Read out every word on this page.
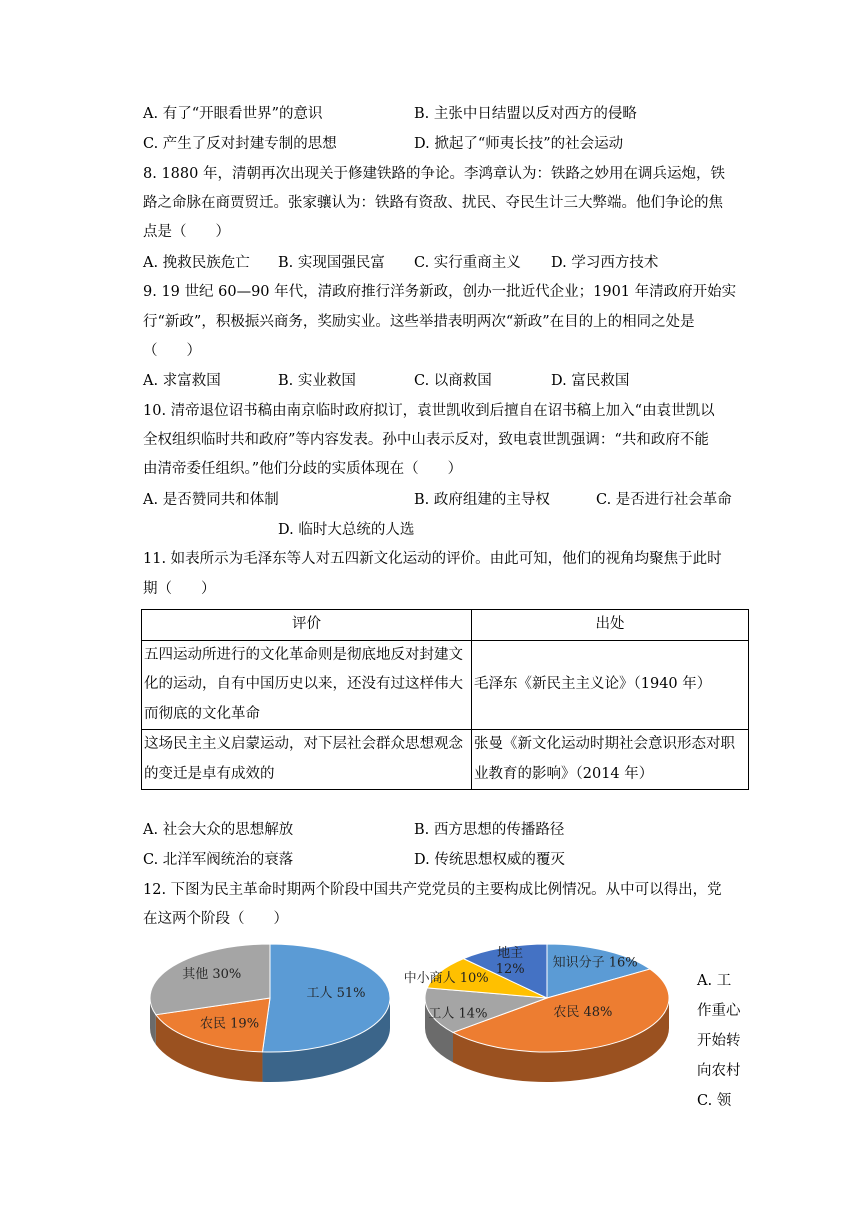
A. 有了“开眼看世界”的意识	B. 主张中日结盟以反对西方的侵略
C. 产生了反对封建专制的思想	D. 掀起了“师夷长技”的社会运动
8. 1880 年，清朝再次出现关于修建铁路的争论。李鸿章认为：铁路之妙用在调兵运炮，铁
路之命脉在商贾贸迁。张家骧认为：铁路有资敌、扰民、夺民生计三大弊端。他们争论的焦
点是（　　）
A. 挽救民族危亡 B. 实现国强民富 C. 实行重商主义 D. 学习西方技术
9. 19 世纪 60—90 年代，清政府推行洋务新政，创办一批近代企业；1901 年清政府开始实
行“新政”，积极振兴商务，奖励实业。这些举措表明两次“新政”在目的上的相同之处是
（　　）
A. 求富救国	B. 实业救国	C. 以商救国	D. 富民救国
10. 清帝退位诏书稿由南京临时政府拟订，袁世凯收到后擅自在诏书稿上加入“由袁世凯以
全权组织临时共和政府”等内容发表。孙中山表示反对，致电袁世凯强调：“共和政府不能
由清帝委任组织。”他们分歧的实质体现在（　　）
A. 是否赞同共和体制	B. 政府组建的主导权	C. 是否进行社会革命
D. 临时大总统的人选
11. 如表所示为毛泽东等人对五四新文化运动的评价。由此可知，他们的视角均聚焦于此时
期（　　）
评价	出处
五四运动所进行的文化革命则是彻底地反对封建文化的运动，自有中国历史以来，还没有过这样伟大而彻底的文化革命	毛泽东《新民主主义论》（1940 年）
这场民主主义启蒙运动，对下层社会群众思想观念的变迁是卓有成效的	张曼《新文化运动时期社会意识形态对职业教育的影响》（2014 年）
A. 社会大众的思想解放	B. 西方思想的传播路径
C. 北洋军阀统治的衰落	D. 传统思想权威的覆灭
12. 下图为民主革命时期两个阶段中国共产党党员的主要构成比例情况。从中可以得出，党
在这两个阶段（　　）
工人 51%
农民 19%
其他 30%
知识分子 16%
农民 48%
工人 14%
中小商人 10%
地主
12%
A. 工
作重心
开始转
向农村
C. 领
